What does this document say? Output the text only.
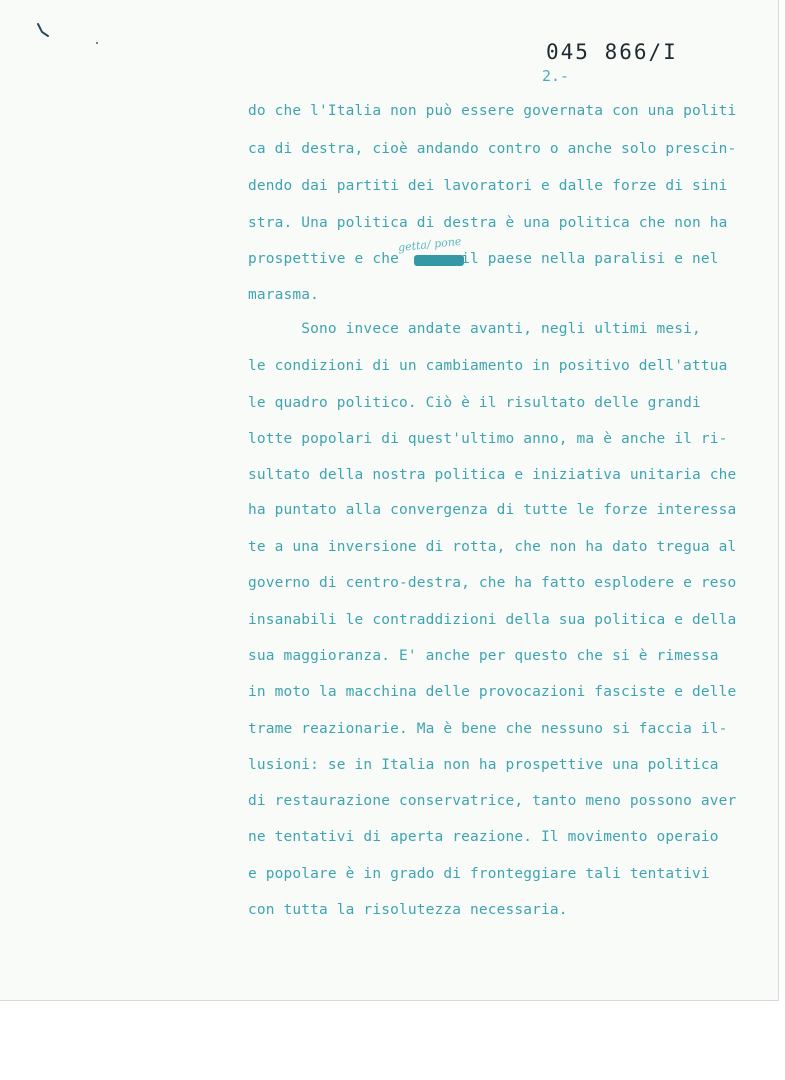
045 866/I
2.-
getta/ pone
do che l'Italia non può essere governata con una politi
ca di destra, cioè andando contro o anche solo prescin-
dendo dai partiti dei lavoratori e dalle forze di sini
stra. Una politica di destra è una politica che non ha
prospettive e che       il paese nella paralisi e nel
marasma.
Sono invece andate avanti, negli ultimi mesi,
le condizioni di un cambiamento in positivo dell'attua
le quadro politico. Ciò è il risultato delle grandi
lotte popolari di quest'ultimo anno, ma è anche il ri-
sultato della nostra politica e iniziativa unitaria che
ha puntato alla convergenza di tutte le forze interessa
te a una inversione di rotta, che non ha dato tregua al
governo di centro-destra, che ha fatto esplodere e reso
insanabili le contraddizioni della sua politica e della
sua maggioranza. E' anche per questo che si è rimessa
in moto la macchina delle provocazioni fasciste e delle
trame reazionarie. Ma è bene che nessuno si faccia il-
lusioni: se in Italia non ha prospettive una politica
di restaurazione conservatrice, tanto meno possono aver
ne tentativi di aperta reazione. Il movimento operaio
e popolare è in grado di fronteggiare tali tentativi
con tutta la risolutezza necessaria.
